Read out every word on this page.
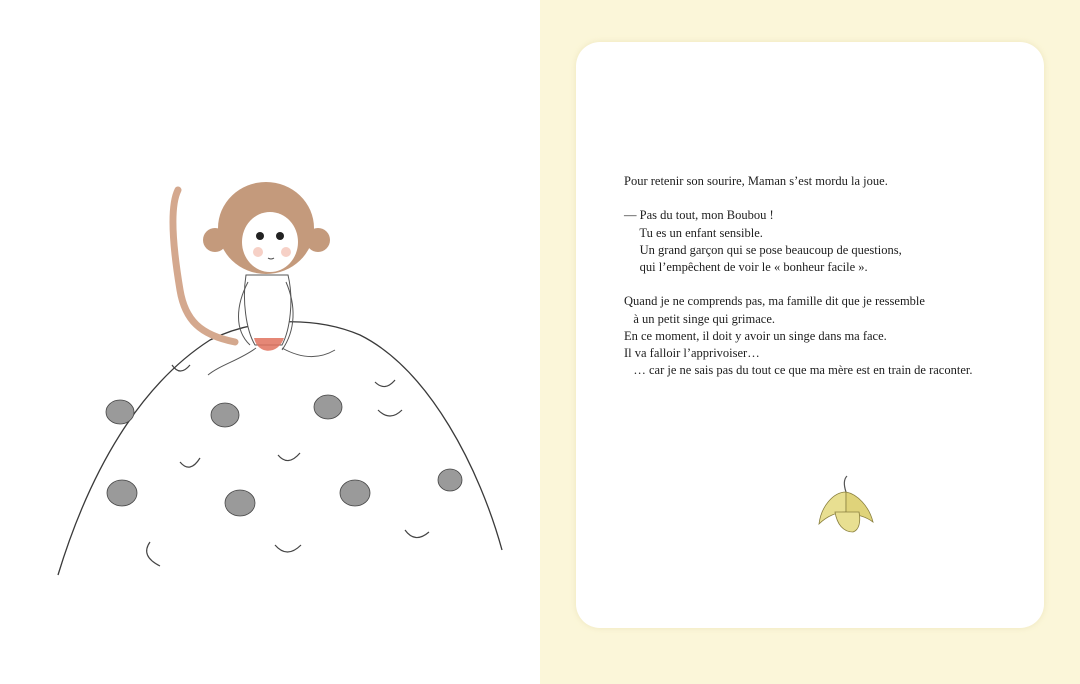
Pour retenir son sourire, Maman s’est mordu la joue.

— Pas du tout, mon Boubou !

Tu es un enfant sensible.

Un grand garçon qui se pose beaucoup de questions,

qui l’empêchent de voir le « bonheur facile ».

Quand je ne comprends pas, ma famille dit que je ressemble

à un petit singe qui grimace.

En ce moment, il doit y avoir un singe dans ma face.

Il va falloir l’apprivoiser…

… car je ne sais pas du tout ce que ma mère est en train de raconter.
